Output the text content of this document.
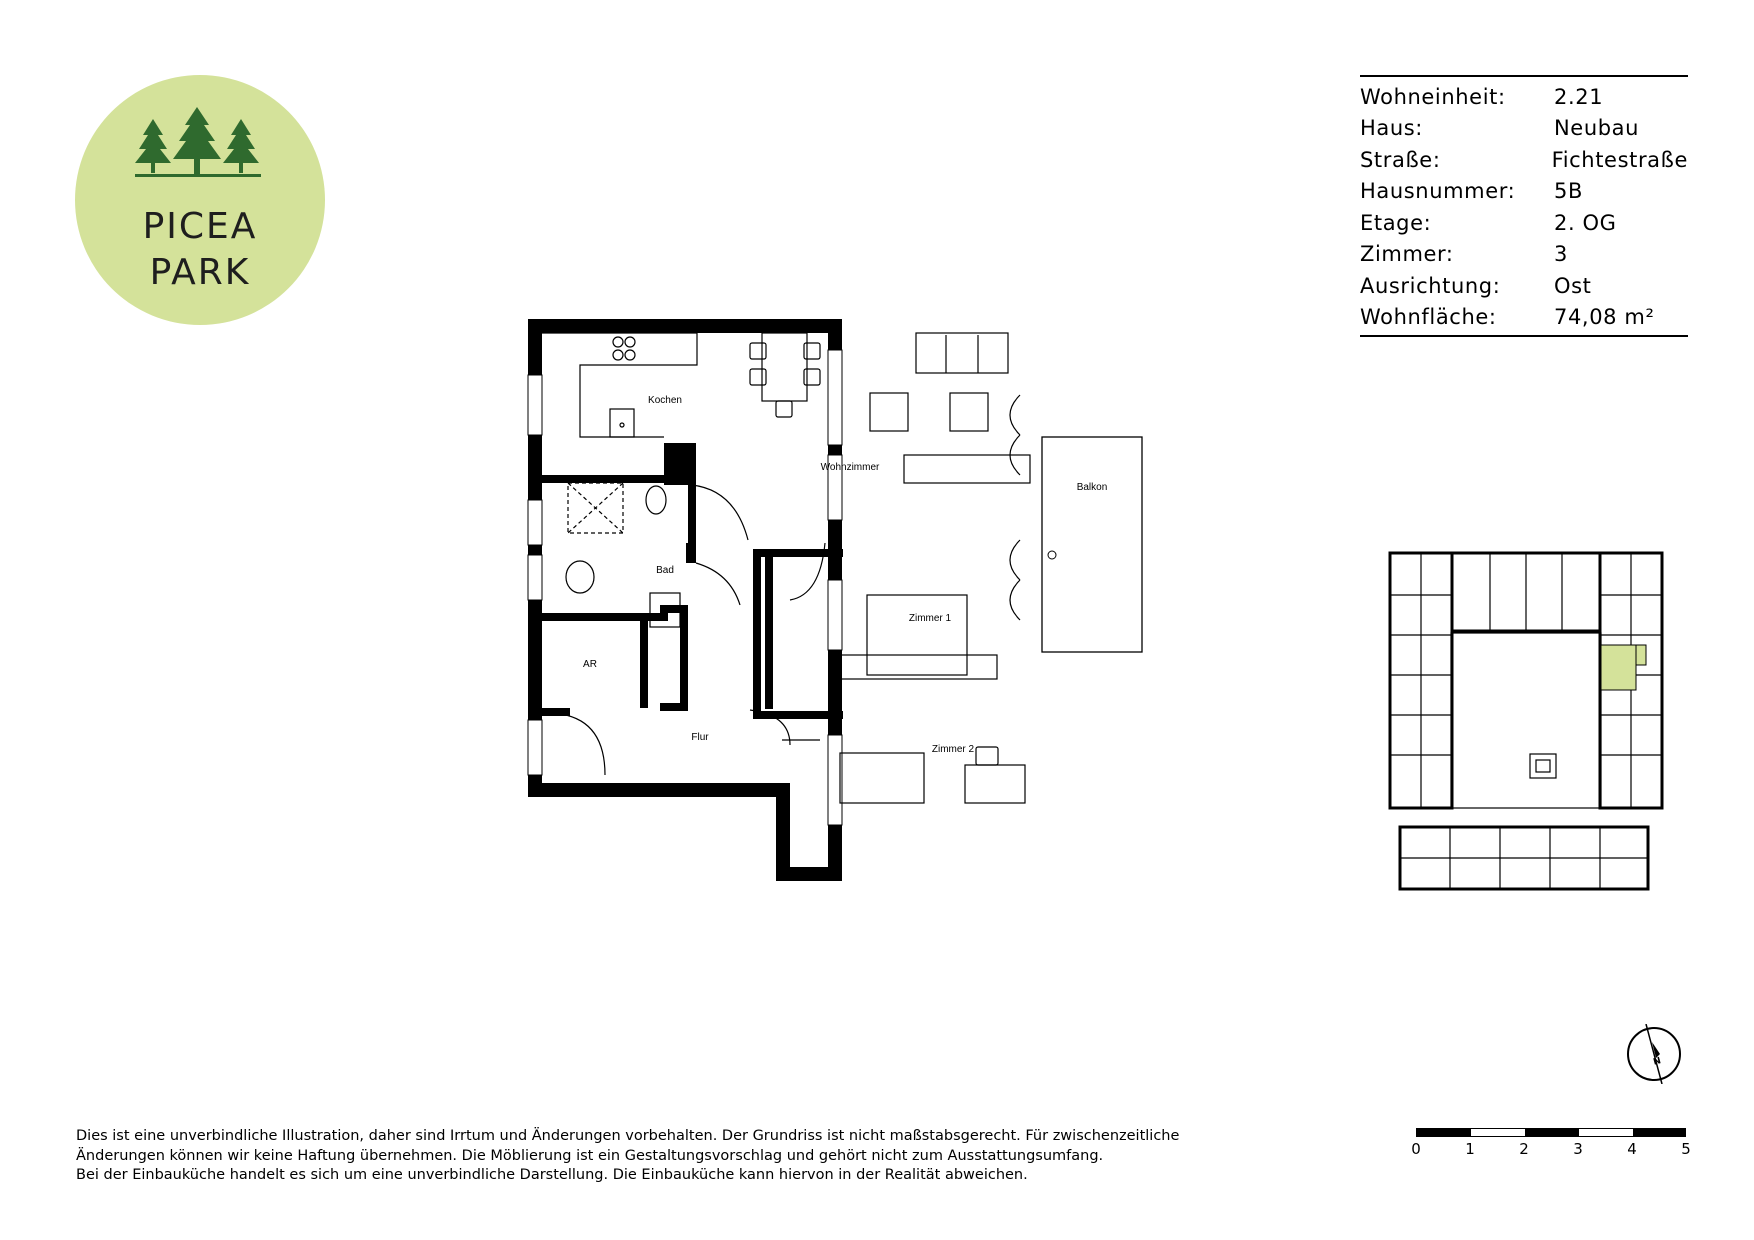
PICEA
PARK
Wohneinheit:	2.21
Haus:	Neubau
Straße:	Fichtestraße
Hausnummer:	5B
Etage:	2. OG
Zimmer:	3
Ausrichtung:	Ost
Wohnfläche:	74,08 m²
Kochen
Wohnzimmer
Balkon
Bad
Zimmer 1
AR
Flur
Zimmer 2
N
Dies ist eine unverbindliche Illustration, daher sind Irrtum und Änderungen vorbehalten. Der Grundriss ist nicht maßstabsgerecht. Für zwischenzeitliche
Änderungen können wir keine Haftung übernehmen. Die Möblierung ist ein Gestaltungsvorschlag und gehört nicht zum Ausstattungsumfang.
Bei der Einbauküche handelt es sich um eine unverbindliche Darstellung. Die Einbauküche kann hiervon in der Realität abweichen.
0	1	2	3	4	5
